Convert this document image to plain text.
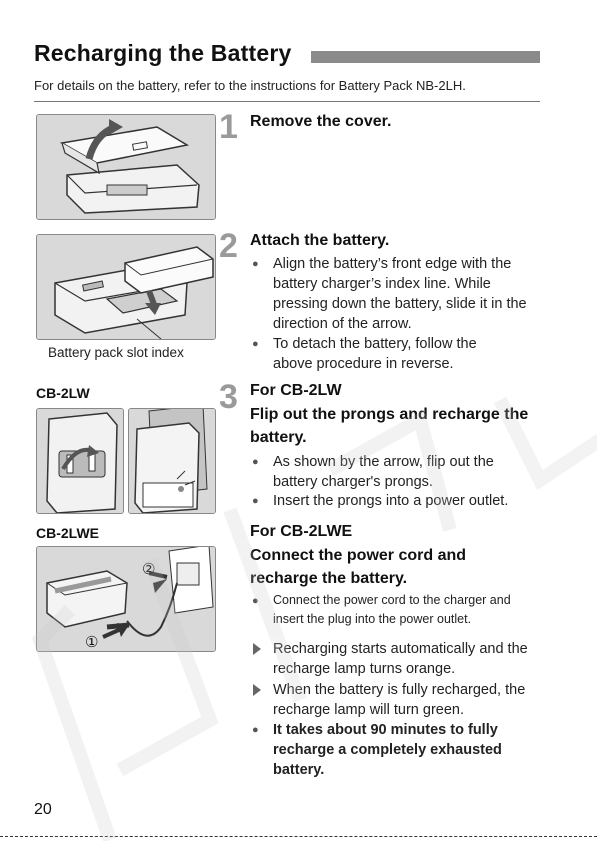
Recharging the Battery
For details on the battery, refer to the instructions for Battery Pack NB-2LH.
1 Remove the cover.
Battery pack slot index
2 Attach the battery.
● Align the battery’s front edge with the battery charger’s index line. While pressing down the battery, slide it in the direction of the arrow.
● To detach the battery, follow the above procedure in reverse.
CB-2LW	3 For CB-2LW
Flip out the prongs and recharge the battery.
● As shown by the arrow, flip out the battery charger's prongs.
● Insert the prongs into a power outlet.
CB-2LWE
②
①
For CB-2LWE
Connect the power cord and recharge the battery.
●	Connect the power cord to the charger and insert the plug into the power outlet.
Recharging starts automatically and the recharge lamp turns orange.
When the battery is fully recharged, the recharge lamp will turn green.
● It takes about 90 minutes to fully recharge a completely exhausted battery.
20
